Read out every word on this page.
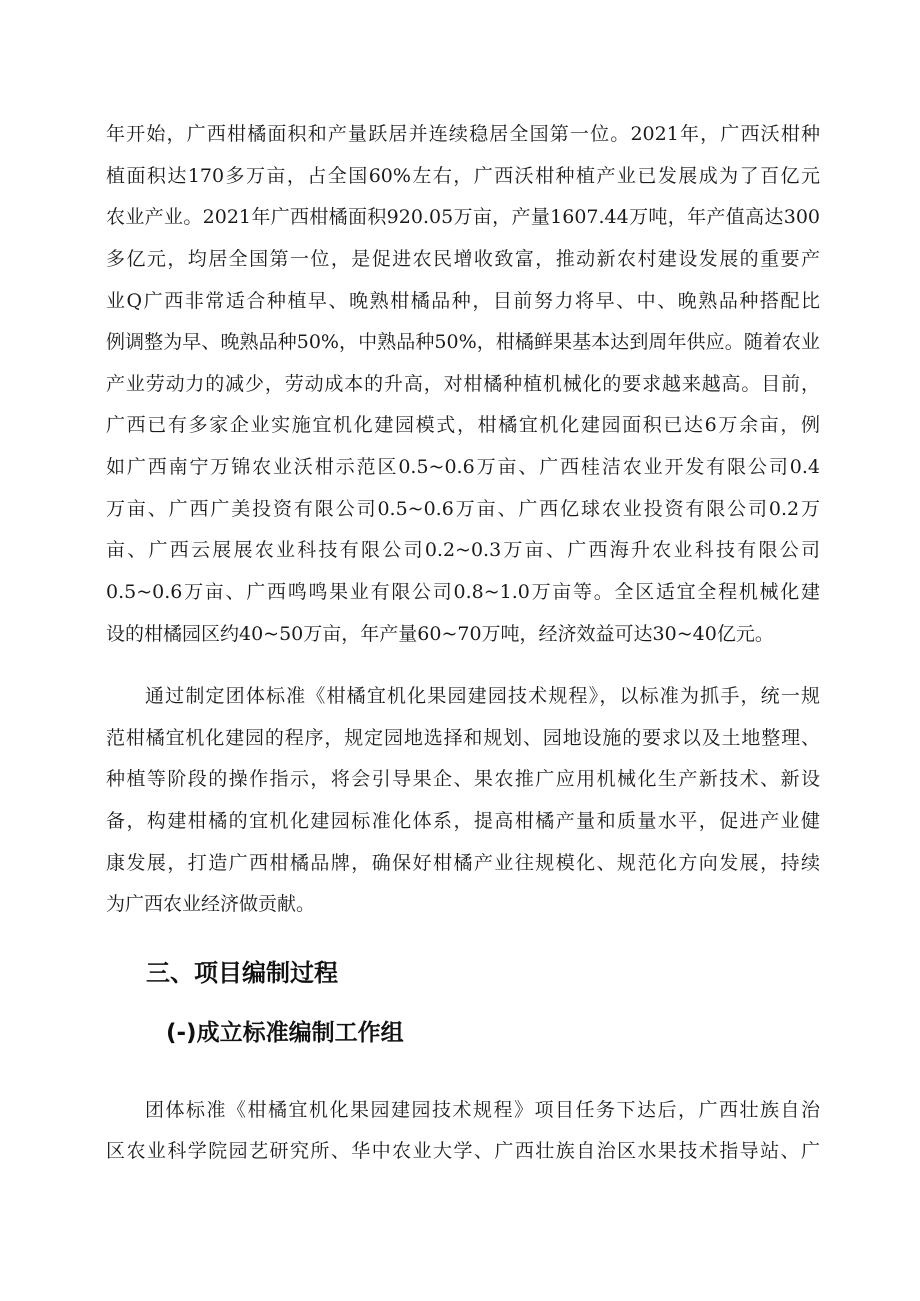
年开始，广西柑橘面积和产量跃居并连续稳居全国第一位。2021年，广西沃柑种
植面积达170多万亩，占全国60%左右，广西沃柑种植产业已发展成为了百亿元
农业产业。2021年广西柑橘面积920.05万亩，产量1607.44万吨，年产值高达300
多亿元，均居全国第一位，是促进农民增收致富，推动新农村建设发展的重要产
业Q广西非常适合种植早、晚熟柑橘品种，目前努力将早、中、晚熟品种搭配比
例调整为早、晚熟品种50%，中熟品种50%，柑橘鲜果基本达到周年供应。随着农业
产业劳动力的减少，劳动成本的升高，对柑橘种植机械化的要求越来越高。目前，
广西已有多家企业实施宜机化建园模式，柑橘宜机化建园面积已达6万余亩，例
如广西南宁万锦农业沃柑示范区0.5~0.6万亩、广西桂洁农业开发有限公司0.4
万亩、广西广美投资有限公司0.5~0.6万亩、广西亿球农业投资有限公司0.2万
亩、广西云展展农业科技有限公司0.2~0.3万亩、广西海升农业科技有限公司
0.5~0.6万亩、广西鸣鸣果业有限公司0.8~1.0万亩等。全区适宜全程机械化建
设的柑橘园区约40~50万亩，年产量60~70万吨，经济效益可达30~40亿元。
通过制定团体标准《柑橘宜机化果园建园技术规程》，以标准为抓手，统一规
范柑橘宜机化建园的程序，规定园地选择和规划、园地设施的要求以及土地整理、
种植等阶段的操作指示，将会引导果企、果农推广应用机械化生产新技术、新设
备，构建柑橘的宜机化建园标准化体系，提高柑橘产量和质量水平，促进产业健
康发展，打造广西柑橘品牌，确保好柑橘产业往规模化、规范化方向发展，持续
为广西农业经济做贡献。
三、项目编制过程
(-)成立标准编制工作组
团体标准《柑橘宜机化果园建园技术规程》项目任务下达后，广西壮族自治
区农业科学院园艺研究所、华中农业大学、广西壮族自治区水果技术指导站、广
